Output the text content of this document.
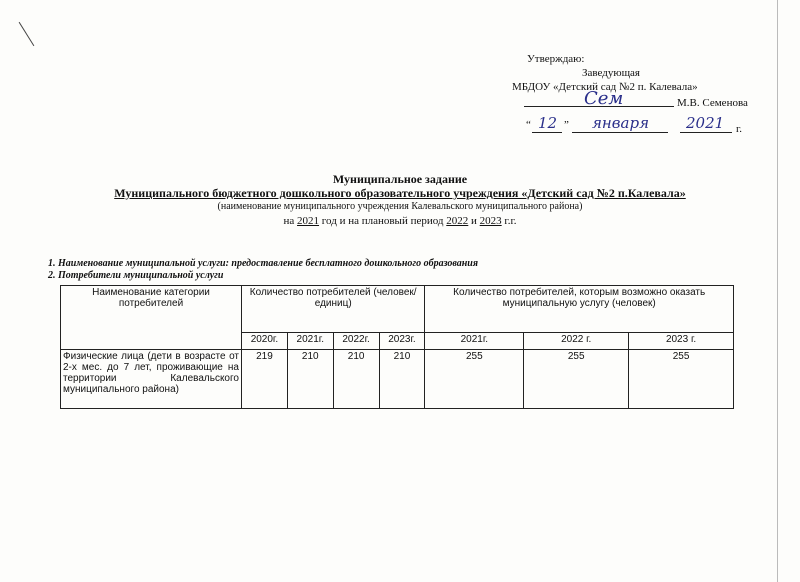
Утверждаю:
Заведующая
МБДОУ «Детский сад №2 п. Калевала»
Сем	М.В. Семенова
“ 12 ” января 2021 г.
Муниципальное задание
Муниципального бюджетного дошкольного образовательного учреждения «Детский сад №2 п.Калевала»
(наименование муниципального учреждения Калевальского муниципального района)
на 2021 год и на плановый период 2022 и 2023 г.г.
1. Наименование муниципальной услуги: предоставление бесплатного дошкольного образования
2. Потребители муниципальной услуги
Наименование категории потребителей	Количество потребителей (человек/единиц)				Количество потребителей, которым возможно оказать муниципальную услугу (человек)		
	2020г.	2021г.	2022г.	2023г.	2021г.	2022 г.	2023 г.
Физические лица (дети в возрасте от 2-х мес. до 7 лет, проживающие на территории Калевальского муниципального района)	219	210	210	210	255	255	255
